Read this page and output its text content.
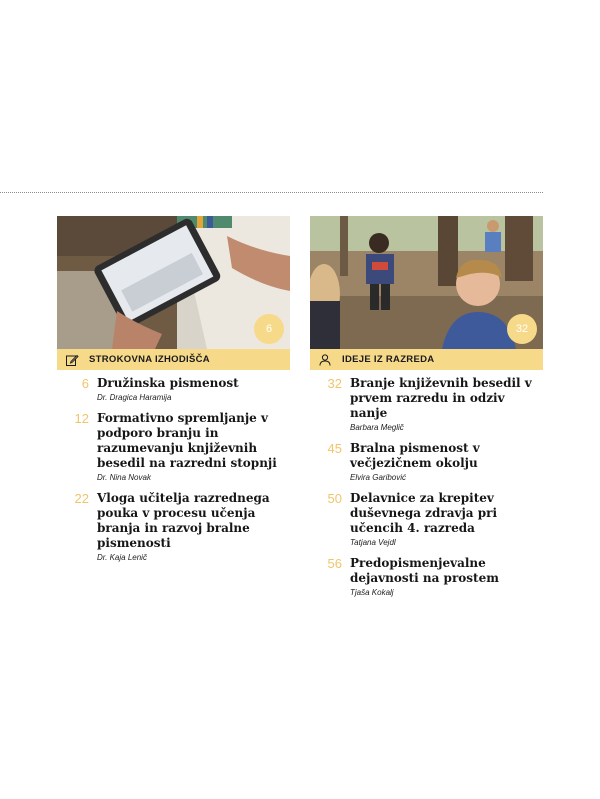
6
STROKOVNA IZHODIŠČA
6 Družinska pismenost
Dr. Dragica Haramija
12 Formativno spremljanje v podporo branju in razumevanju književnih besedil na razredni stopnji
Dr. Nina Novak
22 Vloga učitelja razrednega pouka v procesu učenja branja in razvoj bralne pismenosti
Dr. Kaja Lenič
32
IDEJE IZ RAZREDA
32 Branje književnih besedil v prvem razredu in odziv nanje
Barbara Meglič
45 Bralna pismenost v večjezičnem okolju
Elvira Garibović
50 Delavnice za krepitev duševnega zdravja pri učencih 4. razreda
Tatjana Vejdl
56 Predopismenjevalne dejavnosti na prostem
Tjaša Kokalj
